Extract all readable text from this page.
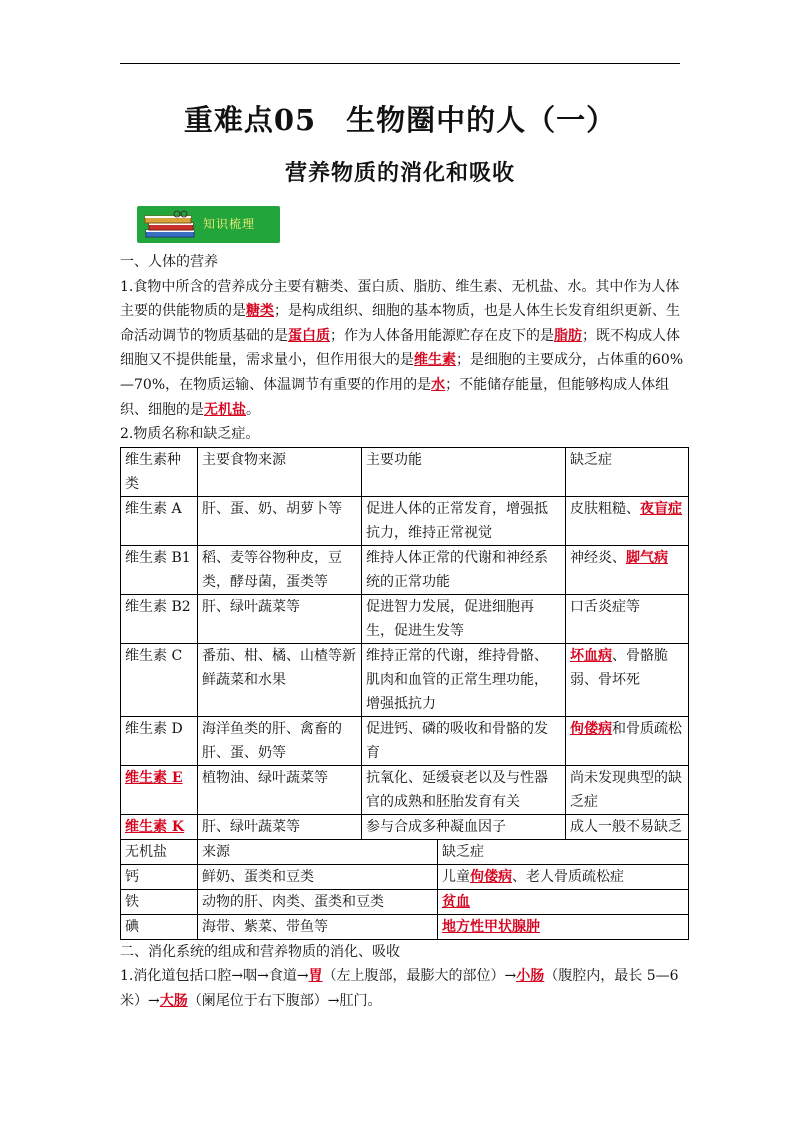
重难点05　生物圈中的人（一）
营养物质的消化和吸收
知识梳理

一、人体的营养

1.食物中所含的营养成分主要有糖类、蛋白质、脂肪、维生素、无机盐、水。其中作为人体主要的供能物质的是糖类；是构成组织、细胞的基本物质，也是人体生长发育组织更新、生命活动调节的物质基础的是蛋白质；作为人体备用能源贮存在皮下的是脂肪；既不构成人体细胞又不提供能量，需求量小，但作用很大的是维生素；是细胞的主要成分，占体重的60%—70%，在物质运输、体温调节有重要的作用的是水；不能储存能量，但能够构成人体组织、细胞的是无机盐。

2.物质名称和缺乏症。

维生素种类	主要食物来源	主要功能	缺乏症
维生素 A	肝、蛋、奶、胡萝卜等	促进人体的正常发育，增强抵抗力，维持正常视觉	皮肤粗糙、夜盲症
维生素 B1	稻、麦等谷物种皮，豆类，酵母菌，蛋类等	维持人体正常的代谢和神经系统的正常功能	神经炎、脚气病
维生素 B2	肝、绿叶蔬菜等	促进智力发展，促进细胞再生，促进生发等	口舌炎症等
维生素 C	番茄、柑、橘、山楂等新鲜蔬菜和水果	维持正常的代谢，维持骨骼、肌肉和血管的正常生理功能，增强抵抗力	坏血病、骨骼脆弱、骨坏死
维生素 D	海洋鱼类的肝、禽畜的肝、蛋、奶等	促进钙、磷的吸收和骨骼的发育	佝偻病和骨质疏松
维生素 E	植物油、绿叶蔬菜等	抗氧化、延缓衰老以及与性器官的成熟和胚胎发育有关	尚未发现典型的缺乏症
维生素 K	肝、绿叶蔬菜等	参与合成多种凝血因子	成人一般不易缺乏
无机盐	来源	缺乏症
钙	鲜奶、蛋类和豆类	儿童佝偻病、老人骨质疏松症
铁	动物的肝、肉类、蛋类和豆类	贫血
碘	海带、紫菜、带鱼等	地方性甲状腺肿

二、消化系统的组成和营养物质的消化、吸收

1.消化道包括口腔→咽→食道→胃（左上腹部，最膨大的部位）→小肠（腹腔内，最长 5—6 米）→大肠（阑尾位于右下腹部）→肛门。
